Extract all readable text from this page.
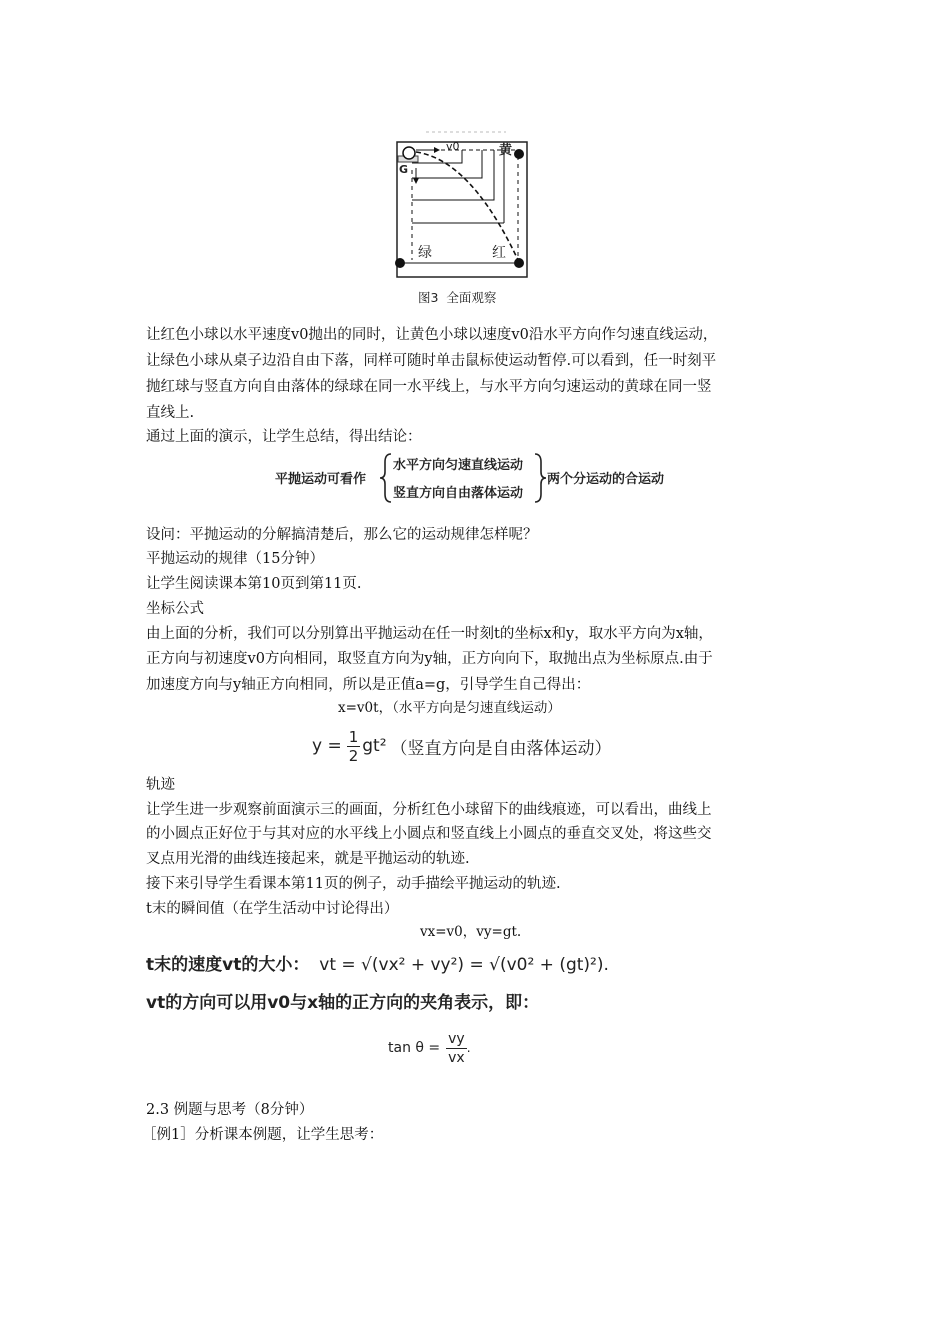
v0
G
黄
绿	红
图3  全面观察
让红色小球以水平速度v0抛出的同时，让黄色小球以速度v0沿水平方向作匀速直线运动，
让绿色小球从桌子边沿自由下落，同样可随时单击鼠标使运动暂停.可以看到，任一时刻平
抛红球与竖直方向自由落体的绿球在同一水平线上，与水平方向匀速运动的黄球在同一竖
直线上.
通过上面的演示，让学生总结，得出结论：
平抛运动可看作
水平方向匀速直线运动
竖直方向自由落体运动
两个分运动的合运动
设问：平抛运动的分解搞清楚后，那么它的运动规律怎样呢？
平抛运动的规律（15分钟）
让学生阅读课本第10页到第11页.
坐标公式
由上面的分析，我们可以分别算出平抛运动在任一时刻t的坐标x和y，取水平方向为x轴，
正方向与初速度v0方向相同，取竖直方向为y轴，正方向向下，取抛出点为坐标原点.由于
加速度方向与y轴正方向相同，所以是正值a=g，引导学生自己得出：
x=v0t，（水平方向是匀速直线运动）
$y = \frac{1}{2} gt^2$ （竖直方向是自由落体运动）
轨迹
让学生进一步观察前面演示三的画面，分析红色小球留下的曲线痕迹，可以看出，曲线上
的小圆点正好位于与其对应的水平线上小圆点和竖直线上小圆点的垂直交叉处，将这些交
叉点用光滑的曲线连接起来，就是平抛运动的轨迹.
接下来引导学生看课本第11页的例子，动手描绘平抛运动的轨迹.
t末的瞬间值（在学生活动中讨论得出）
vx=v0，vy=gt.
t末的速度vt的大小： vt = √(vx² + vy²) = √(v0² + (gt)²).
vt的方向可以用v0与x轴的正方向的夹角表示，即：
$\tan \theta = \frac{vy}{vx}$ .
2.3 例题与思考（8分钟）
［例1］分析课本例题，让学生思考：
